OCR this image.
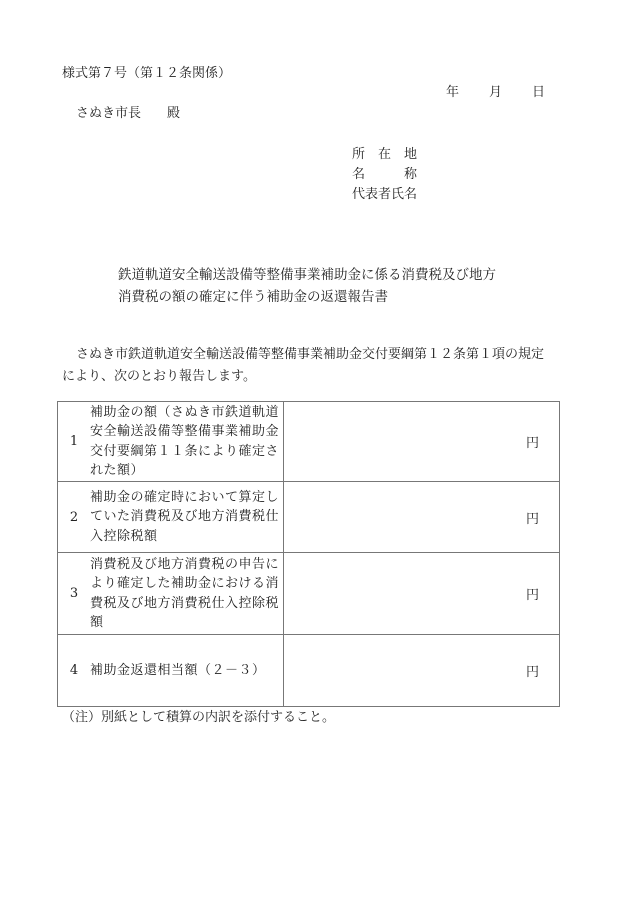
様式第７号（第１２条関係）
年 月 日
さぬき市長 殿
所　在　地
名　　　称
代表者氏名
鉄道軌道安全輸送設備等整備事業補助金に係る消費税及び地方
消費税の額の確定に伴う補助金の返還報告書
さぬき市鉄道軌道安全輸送設備等整備事業補助金交付要綱第１２条第１項の規定
により、次のとおり報告します。
1
補助金の額（さぬき市鉄道軌道安全輸送設備等整備事業補助金交付要綱第１１条により確定された額）	円

2
補助金の確定時において算定していた消費税及び地方消費税仕入控除税額	円

3
消費税及び地方消費税の申告により確定した補助金における消費税及び地方消費税仕入控除税額	円

4 補助金返還相当額（２－３）	円
（注）別紙として積算の内訳を添付すること。
